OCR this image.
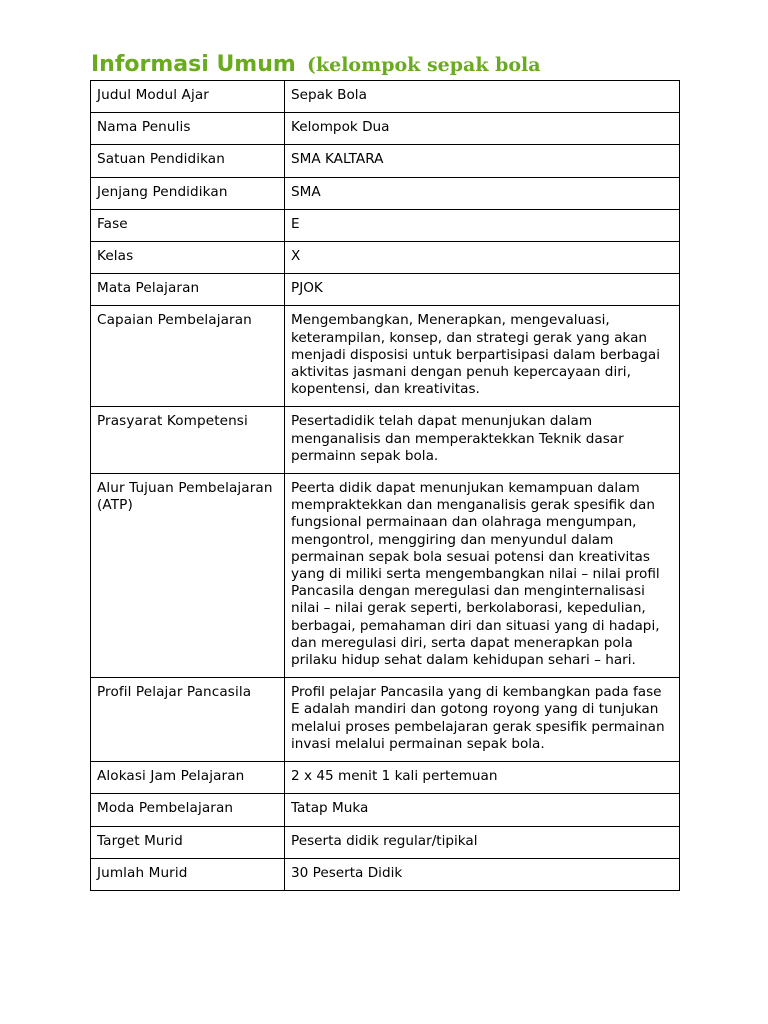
Informasi Umum (kelompok sepak bola
Judul Modul Ajar	Sepak Bola
Nama Penulis	Kelompok Dua
Satuan Pendidikan	SMA KALTARA
Jenjang Pendidikan	SMA
Fase	E
Kelas	X
Mata Pelajaran	PJOK
Capaian Pembelajaran	Mengembangkan, Menerapkan, mengevaluasi, keterampilan, konsep, dan strategi gerak yang akan menjadi disposisi untuk berpartisipasi dalam berbagai aktivitas jasmani dengan penuh kepercayaan diri, kopentensi, dan kreativitas.
Prasyarat Kompetensi	Pesertadidik telah dapat menunjukan dalam menganalisis dan memperaktekkan Teknik dasar permainn sepak bola.
Alur Tujuan Pembelajaran (ATP)	Peerta didik dapat menunjukan kemampuan dalam mempraktekkan dan menganalisis gerak spesifik dan fungsional permainaan dan olahraga mengumpan, mengontrol, menggiring dan menyundul dalam permainan sepak bola sesuai potensi dan kreativitas yang di miliki serta mengembangkan nilai – nilai profil Pancasila dengan meregulasi dan menginternalisasi nilai – nilai gerak seperti, berkolaborasi, kepedulian, berbagai, pemahaman diri dan situasi yang di hadapi, dan meregulasi diri, serta dapat menerapkan pola prilaku hidup sehat dalam kehidupan sehari – hari.
Profil Pelajar Pancasila	Profil pelajar Pancasila yang di kembangkan pada fase E adalah mandiri dan gotong royong yang di tunjukan melalui proses pembelajaran gerak spesifik permainan invasi melalui permainan sepak bola.
Alokasi Jam Pelajaran	2 x 45 menit 1 kali pertemuan
Moda Pembelajaran	Tatap Muka
Target Murid	Peserta didik regular/tipikal
Jumlah Murid	30 Peserta Didik
